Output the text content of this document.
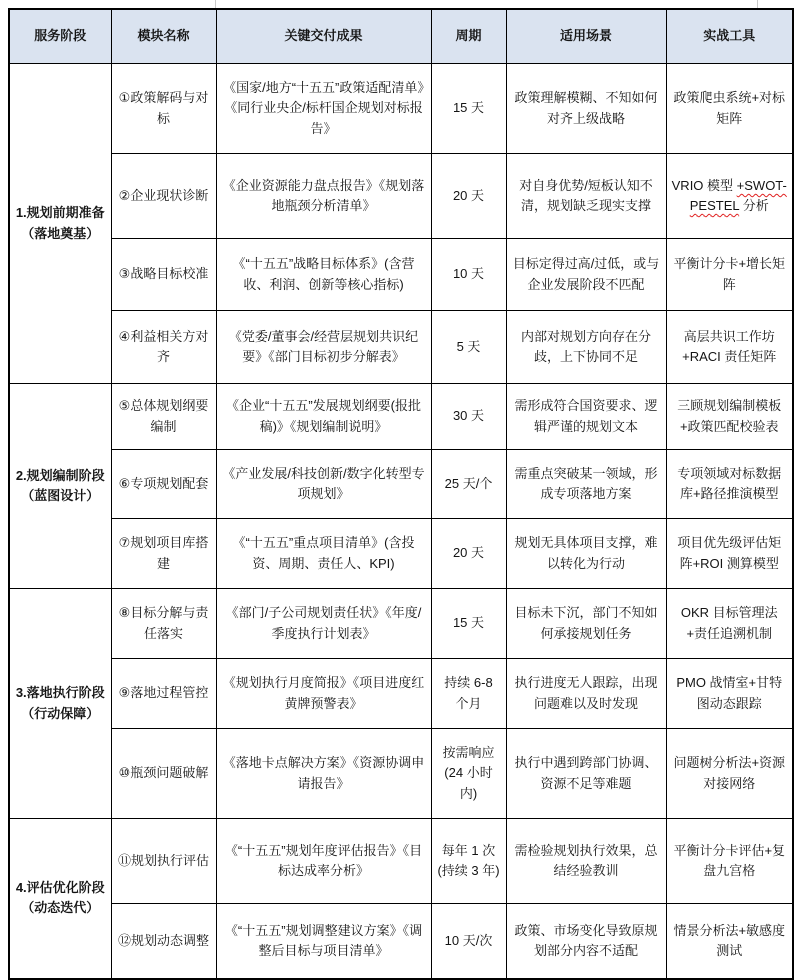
服务阶段	模块名称	关键交付成果	周期	适用场景	实战工具
1.规划前期准备（落地奠基）	①政策解码与对标	《国家/地方“十五五”政策适配清单》《同行业央企/标杆国企规划对标报告》	15 天	政策理解模糊、不知如何对齐上级战略	政策爬虫系统+对标矩阵
	②企业现状诊断	《企业资源能力盘点报告》《规划落地瓶颈分析清单》	20 天	对自身优势/短板认知不清，规划缺乏现实支撑	VRIO 模型 +SWOT-PESTEL 分析
	③战略目标校准	《“十五五”战略目标体系》(含营收、利润、创新等核心指标)	10 天	目标定得过高/过低，或与企业发展阶段不匹配	平衡计分卡+增长矩阵
	④利益相关方对齐	《党委/董事会/经营层规划共识纪要》《部门目标初步分解表》	5 天	内部对规划方向存在分歧，上下协同不足	高层共识工作坊+RACI 责任矩阵
2.规划编制阶段（蓝图设计）	⑤总体规划纲要编制	《企业“十五五”发展规划纲要(报批稿)》《规划编制说明》	30 天	需形成符合国资要求、逻辑严谨的规划文本	三顾规划编制模板+政策匹配校验表
	⑥专项规划配套	《产业发展/科技创新/数字化转型专项规划》	25 天/个	需重点突破某一领域，形成专项落地方案	专项领域对标数据库+路径推演模型
	⑦规划项目库搭建	《“十五五”重点项目清单》(含投资、周期、责任人、KPI)	20 天	规划无具体项目支撑，难以转化为行动	项目优先级评估矩阵+ROI 测算模型
3.落地执行阶段（行动保障）	⑧目标分解与责任落实	《部门/子公司规划责任状》《年度/季度执行计划表》	15 天	目标未下沉，部门不知如何承接规划任务	OKR 目标管理法+责任追溯机制
	⑨落地过程管控	《规划执行月度简报》《项目进度红黄牌预警表》	持续 6-8 个月	执行进度无人跟踪，出现问题难以及时发现	PMO 战情室+甘特图动态跟踪
	⑩瓶颈问题破解	《落地卡点解决方案》《资源协调申请报告》	按需响应 (24 小时内)	执行中遇到跨部门协调、资源不足等难题	问题树分析法+资源对接网络
4.评估优化阶段（动态迭代）	⑪规划执行评估	《“十五五”规划年度评估报告》《目标达成率分析》	每年 1 次 (持续 3 年)	需检验规划执行效果，总结经验教训	平衡计分卡评估+复盘九宫格
	⑫规划动态调整	《“十五五”规划调整建议方案》《调整后目标与项目清单》	10 天/次	政策、市场变化导致原规划部分内容不适配	情景分析法+敏感度测试
